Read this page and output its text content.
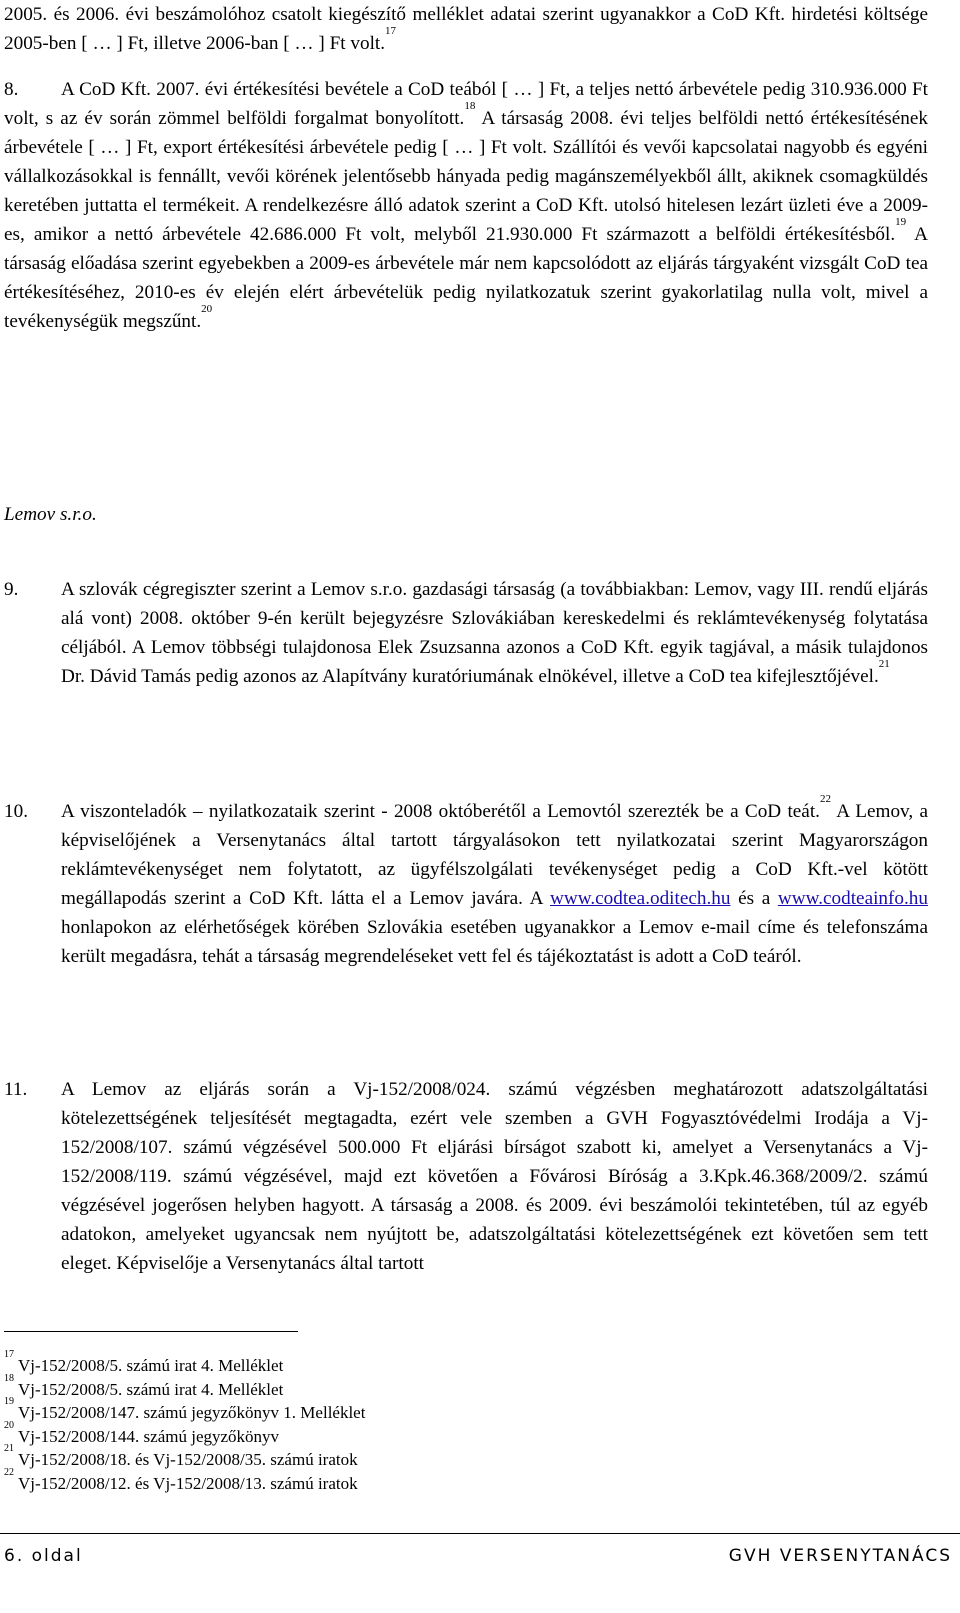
2005. és 2006. évi beszámolóhoz csatolt kiegészítő melléklet adatai szerint ugyanakkor a CoD Kft. hirdetési költsége 2005-ben [ … ] Ft, illetve 2006-ban [ … ] Ft volt.$^{17}$
8.	A CoD Kft. 2007. évi értékesítési bevétele a CoD teából [ … ] Ft, a teljes nettó árbevétele pedig 310.936.000 Ft volt, s az év során zömmel belföldi forgalmat bonyolított.$^{18}$ A társaság 2008. évi teljes belföldi nettó értékesítésének árbevétele [ … ] Ft, export értékesítési árbevétele pedig [ … ] Ft volt. Szállítói és vevői kapcsolatai nagyobb és egyéni vállalkozásokkal is fennállt, vevői körének jelentősebb hányada pedig magánszemélyekből állt, akiknek csomagküldés keretében juttatta el termékeit. A rendelkezésre álló adatok szerint a CoD Kft. utolsó hitelesen lezárt üzleti éve a 2009-es, amikor a nettó árbevétele 42.686.000 Ft volt, melyből 21.930.000 Ft származott a belföldi értékesítésből.$^{19}$ A társaság előadása szerint egyebekben a 2009-es árbevétele már nem kapcsolódott az eljárás tárgyaként vizsgált CoD tea értékesítéséhez, 2010-es év elején elért árbevételük pedig nyilatkozatuk szerint gyakorlatilag nulla volt, mivel a tevékenységük megszűnt.$^{20}$
Lemov s.r.o.
9. A szlovák cégregiszter szerint a Lemov s.r.o. gazdasági társaság (a továbbiakban: Lemov, vagy III. rendű eljárás alá vont) 2008. október 9-én került bejegyzésre Szlovákiában kereskedelmi és reklámtevékenység folytatása céljából. A Lemov többségi tulajdonosa Elek Zsuzsanna azonos a CoD Kft. egyik tagjával, a másik tulajdonos Dr. Dávid Tamás pedig azonos az Alapítvány kuratóriumának elnökével, illetve a CoD tea kifejlesztőjével.$^{21}$
10. A viszonteladók – nyilatkozataik szerint - 2008 októberétől a Lemovtól szerezték be a CoD teát.$^{22}$ A Lemov, a képviselőjének a Versenytanács által tartott tárgyalásokon tett nyilatkozatai szerint Magyarországon reklámtevékenységet nem folytatott, az ügyfélszolgálati tevékenységet pedig a CoD Kft.-vel kötött megállapodás szerint a CoD Kft. látta el a Lemov javára. A www.codtea.oditech.hu és a www.codteainfo.hu honlapokon az elérhetőségek körében Szlovákia esetében ugyanakkor a Lemov e-mail címe és telefonszáma került megadásra, tehát a társaság megrendeléseket vett fel és tájékoztatást is adott a CoD teáról.
11. A Lemov az eljárás során a Vj-152/2008/024. számú végzésben meghatározott adatszolgáltatási kötelezettségének teljesítését megtagadta, ezért vele szemben a GVH Fogyasztóvédelmi Irodája a Vj-152/2008/107. számú végzésével 500.000 Ft eljárási bírságot szabott ki, amelyet a Versenytanács a Vj-152/2008/119. számú végzésével, majd ezt követően a Fővárosi Bíróság a 3.Kpk.46.368/2009/2. számú végzésével jogerősen helyben hagyott. A társaság a 2008. és 2009. évi beszámolói tekintetében, túl az egyéb adatokon, amelyeket ugyancsak nem nyújtott be, adatszolgáltatási kötelezettségének ezt követően sem tett eleget. Képviselője a Versenytanács által tartott
$^{17}$ Vj-152/2008/5. számú irat 4. Melléklet
$^{18}$ Vj-152/2008/5. számú irat 4. Melléklet
$^{19}$ Vj-152/2008/147. számú jegyzőkönyv 1. Melléklet
$^{20}$ Vj-152/2008/144. számú jegyzőkönyv
$^{21}$ Vj-152/2008/18. és Vj-152/2008/35. számú iratok
$^{22}$ Vj-152/2008/12. és Vj-152/2008/13. számú iratok
6. oldal	GVH VERSENYTANÁCS
